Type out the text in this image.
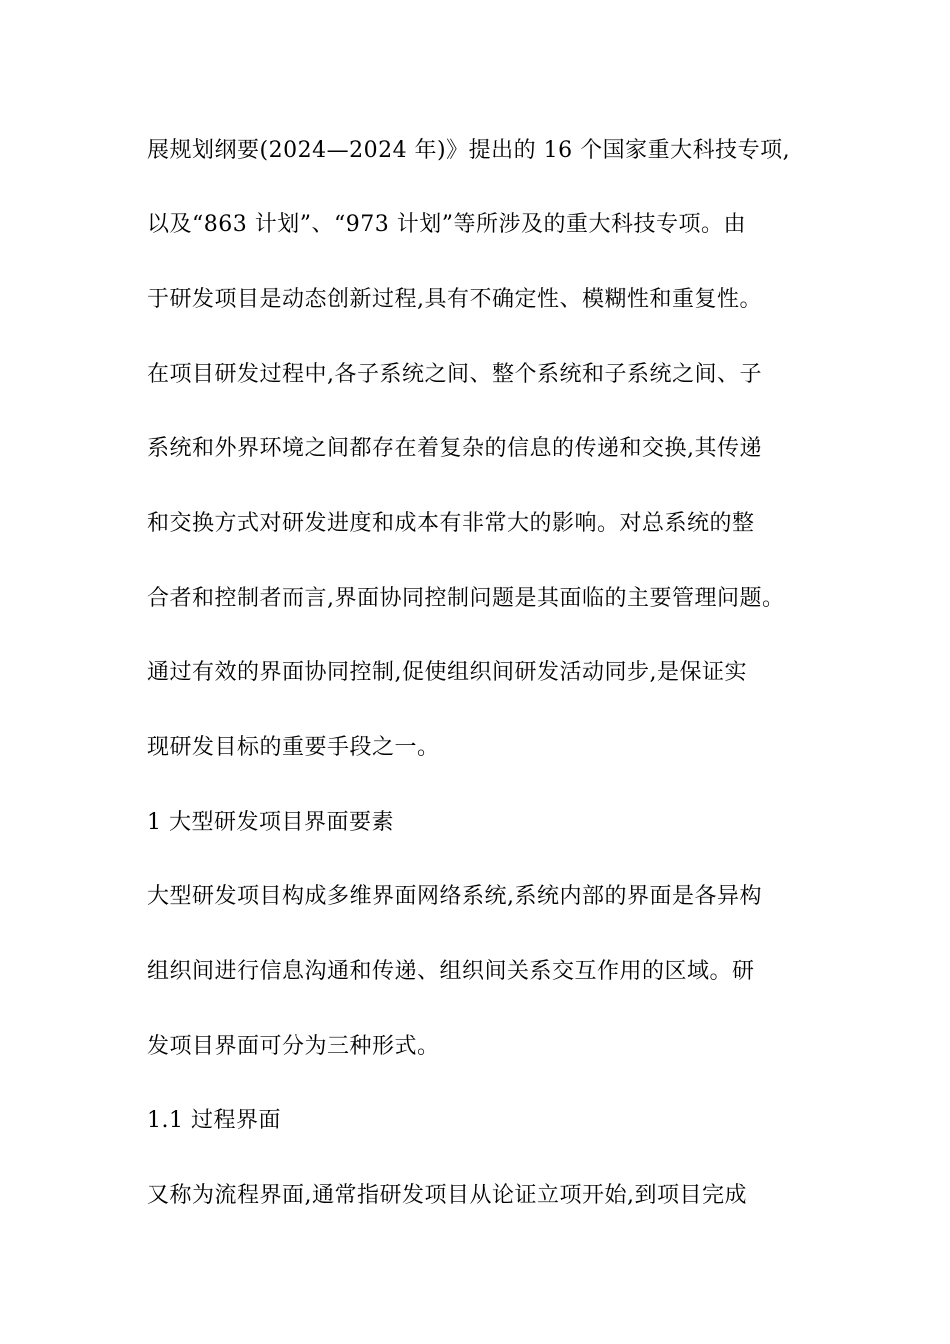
展规划纲要(2024—2024 年)》提出的 16 个国家重大科技专项,
以及“863 计划”、“973 计划”等所涉及的重大科技专项。由
于研发项目是动态创新过程,具有不确定性、模糊性和重复性。
在项目研发过程中,各子系统之间、整个系统和子系统之间、子
系统和外界环境之间都存在着复杂的信息的传递和交换,其传递
和交换方式对研发进度和成本有非常大的影响。对总系统的整
合者和控制者而言,界面协同控制问题是其面临的主要管理问题。
通过有效的界面协同控制,促使组织间研发活动同步,是保证实
现研发目标的重要手段之一。
1 大型研发项目界面要素
大型研发项目构成多维界面网络系统,系统内部的界面是各异构
组织间进行信息沟通和传递、组织间关系交互作用的区域。研
发项目界面可分为三种形式。
1.1 过程界面
又称为流程界面,通常指研发项目从论证立项开始,到项目完成
